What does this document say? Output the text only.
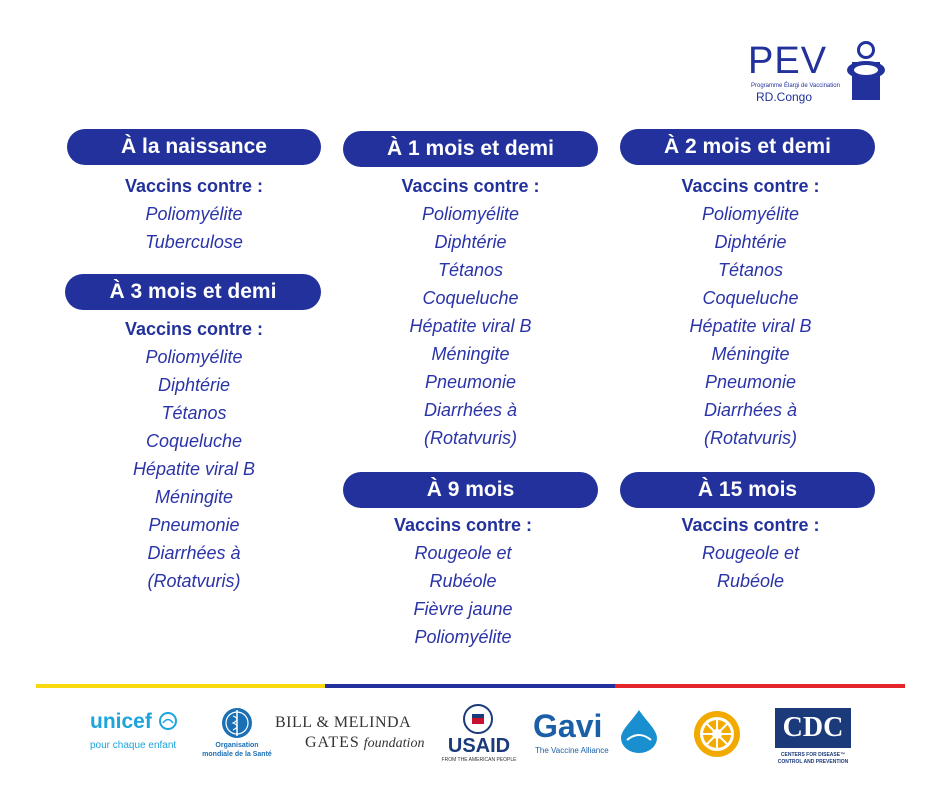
PEV
Programme Élargi de Vaccination
RD.Congo
À la naissance
Vaccins contre :
Poliomyélite
Tuberculose
À 3 mois et demi
Vaccins contre :
Poliomyélite
Diphtérie
Tétanos
Coqueluche
Hépatite viral B
Méningite
Pneumonie
Diarrhées à
(Rotatvuris)
À 1 mois et demi
Vaccins contre :
Poliomyélite
Diphtérie
Tétanos
Coqueluche
Hépatite viral B
Méningite
Pneumonie
Diarrhées à
(Rotatvuris)
À 9 mois
Vaccins contre :
Rougeole et
Rubéole
Fièvre jaune
Poliomyélite
À 2 mois et demi
Vaccins contre :
Poliomyélite
Diphtérie
Tétanos
Coqueluche
Hépatite viral B
Méningite
Pneumonie
Diarrhées à
(Rotatvuris)
À 15 mois
Vaccins contre :
Rougeole et
Rubéole
unicef
pour chaque enfant	Organisation
mondiale de la Santé
BILL & MELINDA
GATES foundation	USAID
FROM THE AMERICAN PEOPLE
Gavi
The Vaccine Alliance
CDC
CENTERS FOR DISEASE™
CONTROL AND PREVENTION
